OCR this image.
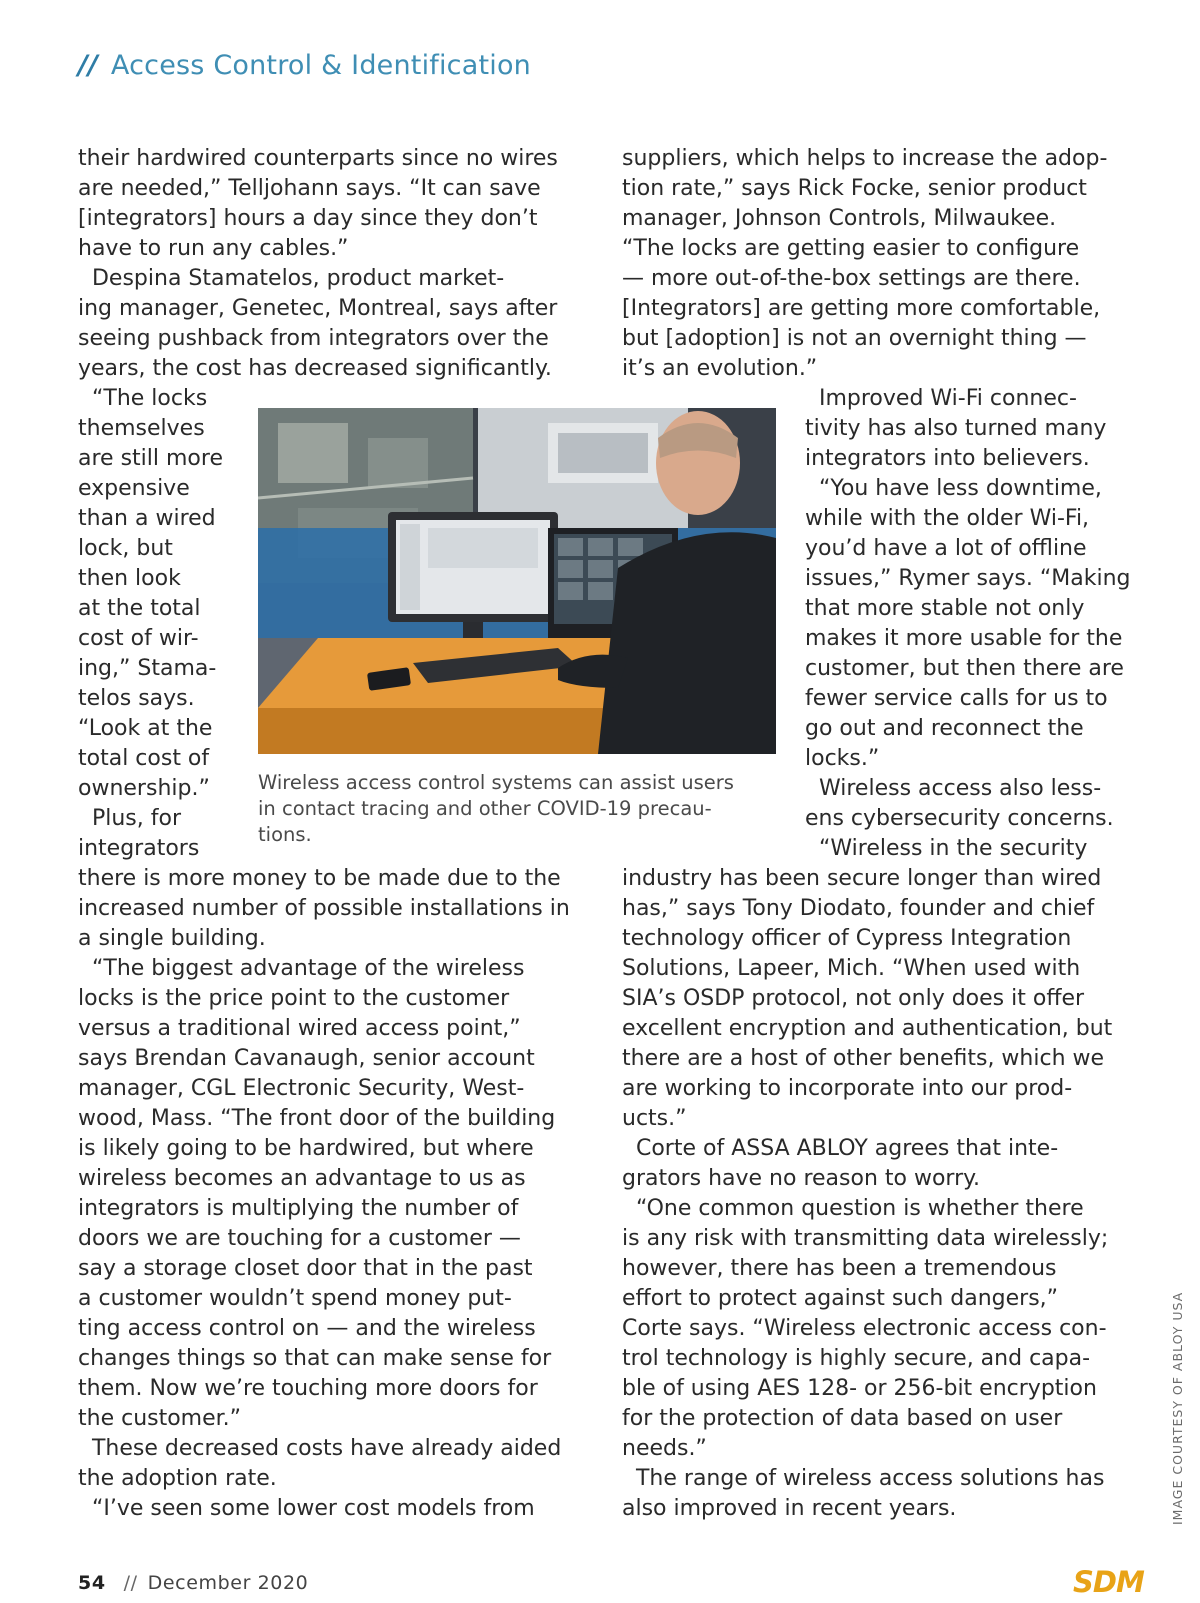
// Access Control & Identification
their hardwired counterparts since no wires
are needed,” Telljohann says. “It can save
[integrators] hours a day since they don’t
have to run any cables.”
Despina Stamatelos, product market-
ing manager, Genetec, Montreal, says after
seeing pushback from integrators over the
years, the cost has decreased significantly.
“The locks
themselves
are still more
expensive
than a wired
lock, but
then look
at the total
cost of wir-
ing,” Stama-
telos says.
“Look at the
total cost of
ownership.”
Plus, for
integrators
there is more money to be made due to the
increased number of possible installations in
a single building.
“The biggest advantage of the wireless
locks is the price point to the customer
versus a traditional wired access point,”
says Brendan Cavanaugh, senior account
manager, CGL Electronic Security, West-
wood, Mass. “The front door of the building
is likely going to be hardwired, but where
wireless becomes an advantage to us as
integrators is multiplying the number of
doors we are touching for a customer —
say a storage closet door that in the past
a customer wouldn’t spend money put-
ting access control on — and the wireless
changes things so that can make sense for
them. Now we’re touching more doors for
the customer.”
These decreased costs have already aided
the adoption rate.
“I’ve seen some lower cost models from
suppliers, which helps to increase the adop-
tion rate,” says Rick Focke, senior product
manager, Johnson Controls, Milwaukee.
“The locks are getting easier to configure
— more out-of-the-box settings are there.
[Integrators] are getting more comfortable,
but [adoption] is not an overnight thing —
it’s an evolution.”
Improved Wi-Fi connec-
tivity has also turned many
integrators into believers.
“You have less downtime,
while with the older Wi-Fi,
you’d have a lot of offline
issues,” Rymer says. “Making
that more stable not only
makes it more usable for the
customer, but then there are
fewer service calls for us to
go out and reconnect the
locks.”
Wireless access also less-
ens cybersecurity concerns.
“Wireless in the security
industry has been secure longer than wired
has,” says Tony Diodato, founder and chief
technology officer of Cypress Integration
Solutions, Lapeer, Mich. “When used with
SIA’s OSDP protocol, not only does it offer
excellent encryption and authentication, but
there are a host of other benefits, which we
are working to incorporate into our prod-
ucts.”
Corte of ASSA ABLOY agrees that inte-
grators have no reason to worry.
“One common question is whether there
is any risk with transmitting data wirelessly;
however, there has been a tremendous
effort to protect against such dangers,”
Corte says. “Wireless electronic access con-
trol technology is highly secure, and capa-
ble of using AES 128- or 256-bit encryption
for the protection of data based on user
needs.”
The range of wireless access solutions has
also improved in recent years.
Wireless access control systems can assist users
in contact tracing and other COVID-19 precau-
tions.
IMAGE COURTESY OF ABLOY USA
54 // December 2020	SDM
